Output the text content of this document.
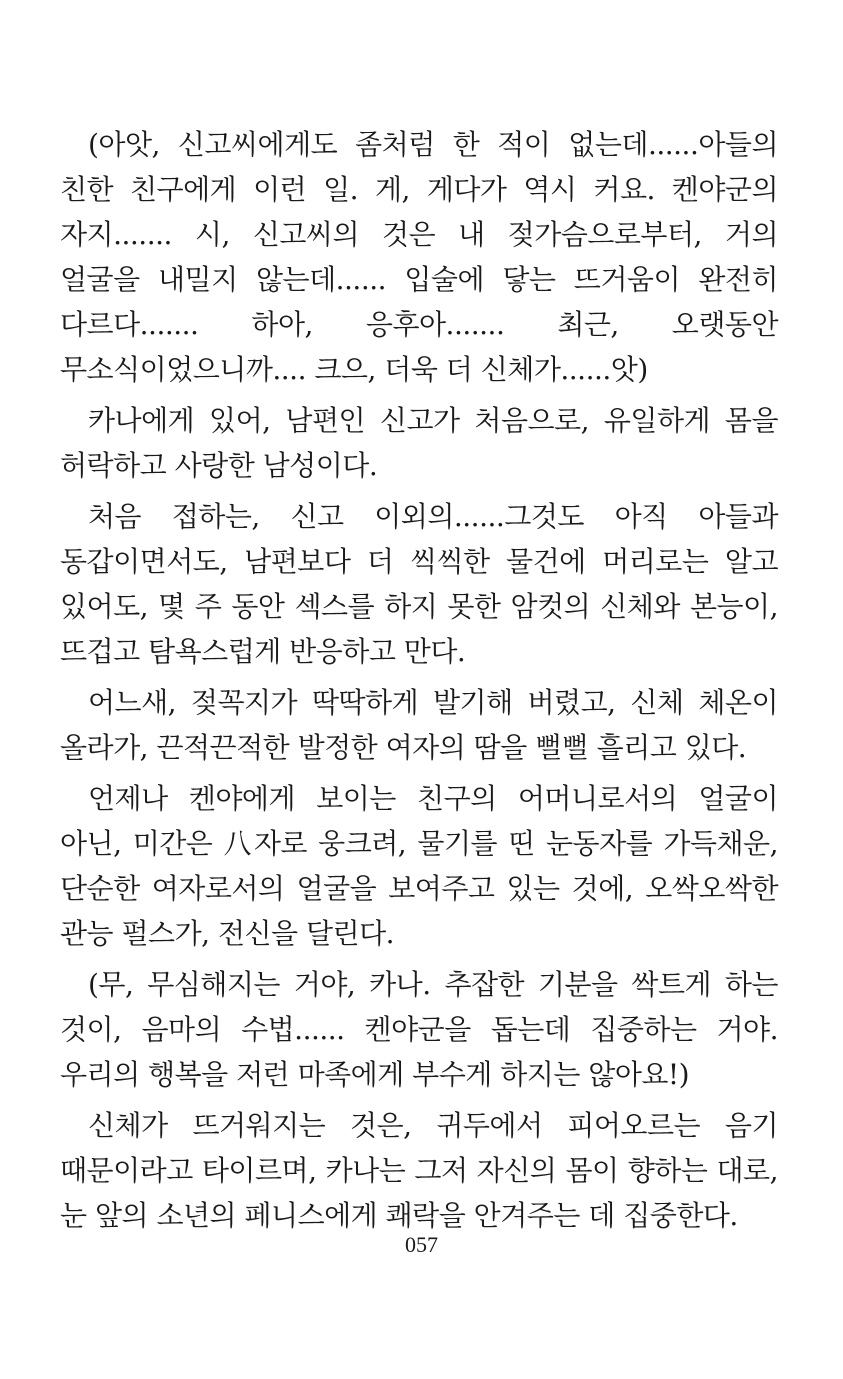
(아앗, 신고씨에게도 좀처럼 한 적이 없는데......아들의 친한 친구에게 이런 일. 게, 게다가 역시 커요. 켄야군의 자지....... 시, 신고씨의 것은 내 젖가슴으로부터, 거의 얼굴을 내밀지 않는데...... 입술에 닿는 뜨거움이 완전히 다르다....... 하아, 응후아....... 최근, 오랫동안 무소식이었으니까.... 크으, 더욱 더 신체가......앗)

카나에게 있어, 남편인 신고가 처음으로, 유일하게 몸을 허락하고 사랑한 남성이다.

처음 접하는, 신고 이외의......그것도 아직 아들과 동갑이면서도, 남편보다 더 씩씩한 물건에 머리로는 알고 있어도, 몇 주 동안 섹스를 하지 못한 암컷의 신체와 본능이, 뜨겁고 탐욕스럽게 반응하고 만다.

어느새, 젖꼭지가 딱딱하게 발기해 버렸고, 신체 체온이 올라가, 끈적끈적한 발정한 여자의 땀을 뻘뻘 흘리고 있다.

언제나 켄야에게 보이는 친구의 어머니로서의 얼굴이 아닌, 미간은 八자로 웅크려, 물기를 띤 눈동자를 가득채운, 단순한 여자로서의 얼굴을 보여주고 있는 것에, 오싹오싹한 관능 펄스가, 전신을 달린다.

(무, 무심해지는 거야, 카나. 추잡한 기분을 싹트게 하는 것이, 음마의 수법...... 켄야군을 돕는데 집중하는 거야. 우리의 행복을 저런 마족에게 부수게 하지는 않아요!)

신체가 뜨거워지는 것은, 귀두에서 피어오르는 음기 때문이라고 타이르며, 카나는 그저 자신의 몸이 향하는 대로, 눈 앞의 소년의 페니스에게 쾌락을 안겨주는 데 집중한다.

057
